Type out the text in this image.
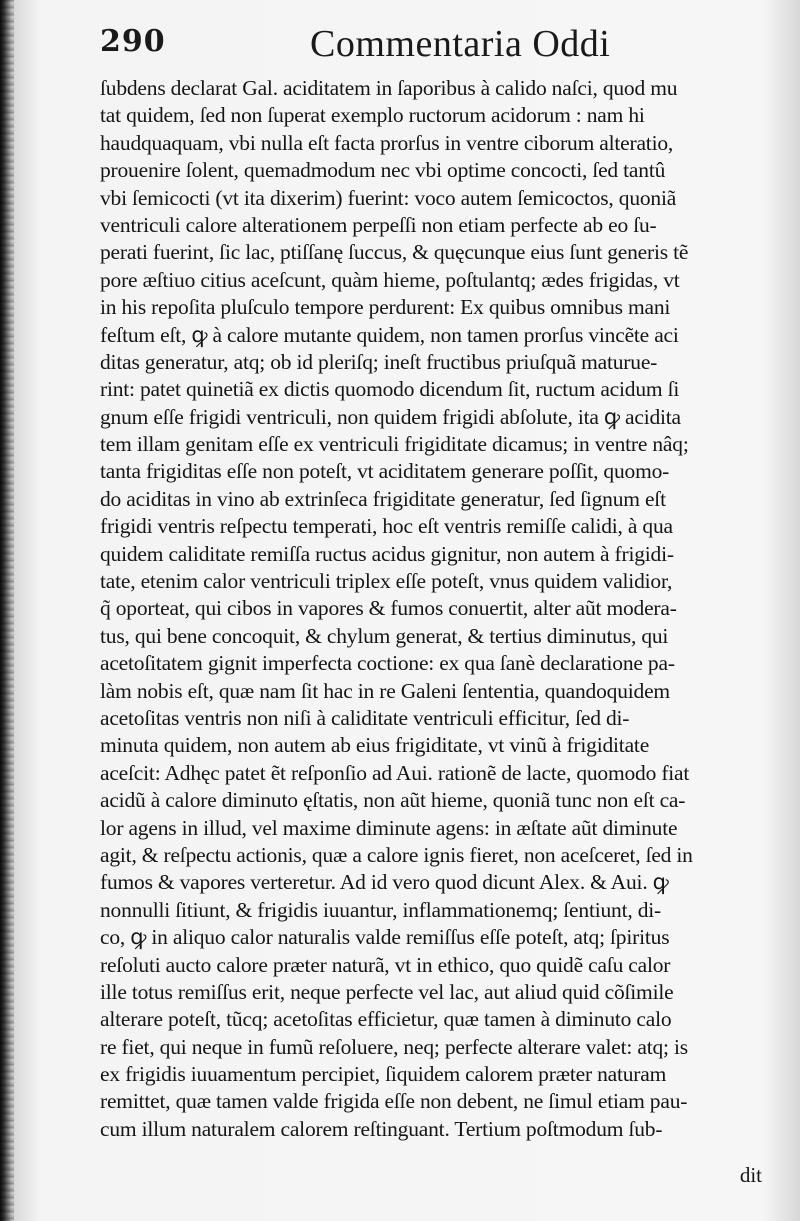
290	Commentaria Oddi
ſubdens declarat Gal. aciditatem in ſaporibus à calido naſci, quod mu
tat quidem, ſed non ſuperat exemplo ructorum acidorum : nam hi
haudquaquam, vbi nulla eſt facta prorſus in ventre ciborum alteratio,
prouenire ſolent, quemadmodum nec vbi optime concocti, ſed tantû
vbi ſemicocti (vt ita dixerim) fuerint: voco autem ſemicoctos, quoniã
ventriculi calore alterationem perpeſſi non etiam perfecte ab eo ſu-
perati fuerint, ſic lac, ptiſſanę ſuccus, & quęcunque eius ſunt generis tẽ
pore æſtiuo citius aceſcunt, quàm hieme, poſtulantq; ædes frigidas, vt
in his repoſita pluſculo tempore perdurent: Ex quibus omnibus mani
feſtum eſt, ꝙ à calore mutante quidem, non tamen prorſus vincẽte aci
ditas generatur, atq; ob id pleriſq; ineſt fructibus priuſquã maturue-
rint: patet quinetiã ex dictis quomodo dicendum ſit, ructum acidum ſi
gnum eſſe frigidi ventriculi, non quidem frigidi abſolute, ita ꝙ acidita
tem illam genitam eſſe ex ventriculi frigiditate dicamus; in ventre nâq;
tanta frigiditas eſſe non poteſt, vt aciditatem generare poſſit, quomo-
do aciditas in vino ab extrinſeca frigiditate generatur, ſed ſignum eſt
frigidi ventris reſpectu temperati, hoc eſt ventris remiſſe calidi, à qua
quidem caliditate remiſſa ructus acidus gignitur, non autem à frigidi-
tate, etenim calor ventriculi triplex eſſe poteſt, vnus quidem validior,
q̃ oporteat, qui cibos in vapores & fumos conuertit, alter aũt modera-
tus, qui bene concoquit, & chylum generat, & tertius diminutus, qui
acetoſitatem gignit imperfecta coctione: ex qua ſanè declaratione pa-
làm nobis eſt, quæ nam ſit hac in re Galeni ſententia, quandoquidem
acetoſitas ventris non niſi à caliditate ventriculi efficitur, ſed di-
minuta quidem, non autem ab eius frigiditate, vt vinũ à frigiditate
aceſcit: Adhęc patet ẽt reſponſio ad Aui. rationẽ de lacte, quomodo fiat
acidũ à calore diminuto ęſtatis, non aũt hieme, quoniã tunc non eſt ca-
lor agens in illud, vel maxime diminute agens: in æſtate aũt diminute
agit, & reſpectu actionis, quæ a calore ignis fieret, non aceſceret, ſed in
fumos & vapores verteretur. Ad id vero quod dicunt Alex. & Aui. ꝙ
nonnulli ſitiunt, & frigidis iuuantur, inflammationemq; ſentiunt, di-
co, ꝙ in aliquo calor naturalis valde remiſſus eſſe poteſt, atq; ſpiritus
reſoluti aucto calore præter naturã, vt in ethico, quo quidẽ caſu calor
ille totus remiſſus erit, neque perfecte vel lac, aut aliud quid cõſimile
alterare poteſt, tũcq; acetoſitas efficietur, quæ tamen à diminuto calo
re fiet, qui neque in fumũ reſoluere, neq; perfecte alterare valet: atq; is
ex frigidis iuuamentum percipiet, ſiquidem calorem præter naturam
remittet, quæ tamen valde frigida eſſe non debent, ne ſimul etiam pau-
cum illum naturalem calorem reſtinguant. Tertium poſtmodum ſub-
dit
